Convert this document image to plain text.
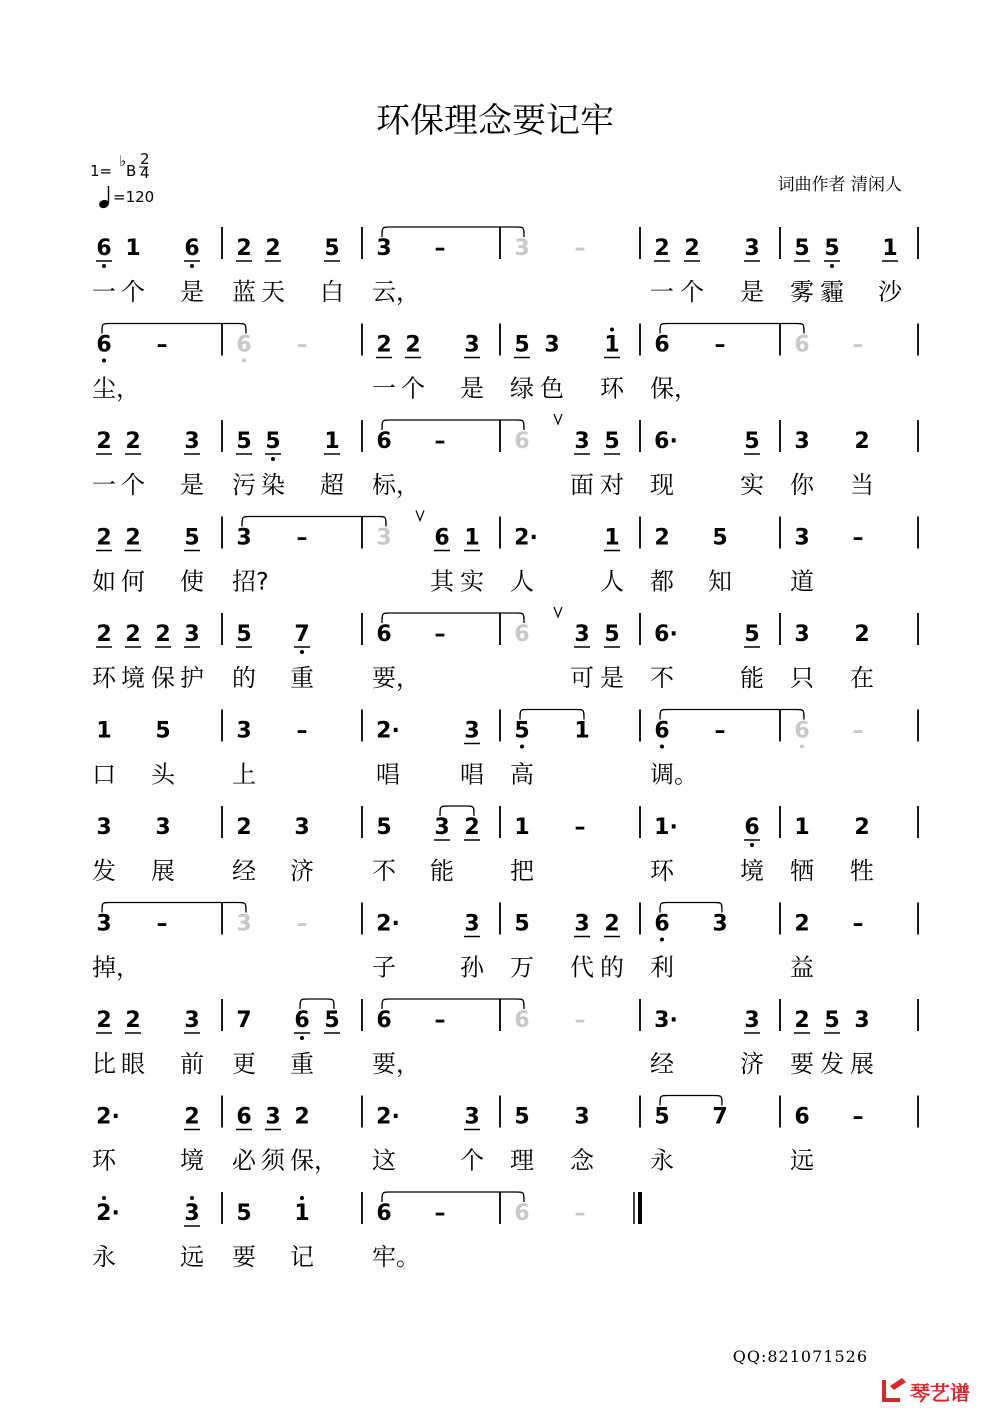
环保理念要记牢
1=
♭
B
2
4
=120
词曲作者 清闲人
6 1 6 2 2 5 3 –	3 –	2 2 3 5 5 1
一 个 是 蓝 天 白 云，	一 个 是 雾 霾 沙
6 –	6 –	2 2 3 5 3 1 6 –	6 –
尘，	一 个 是 绿 色 环 保，
2 2 3 5 5 1 6 –	6 3 5 6·	5 3 2
一 个 是 污 染 超 标，	面 对 现	实 你 当
2 2 5 3 –	3 6 1 2·	1 2 5	3 –
如 何 使 招?	其 实 人	人 都 知 道
2 2 2 3 5 7	6 –	6 3 5 6·	5 3 2
环 境 保 护 的 重 要，	可 是 不	能 只 在
1 5	3 –	2·	3 5 1	6 –	6 –
口 头 上	唱	唱 高	调。
3 3	2 3	5 3 2 1 –	1·	6 1 2
发 展 经 济 不 能 把	环	境 牺 牲
3 –	3 –	2·	3 5 3 2 6 3	2 –
掉，	子	孙 万 代 的 利	益
2 2 3 7 6 5 6 –	6 –	3·	3 2 5 3
比 眼 前 更 重 要，	经	济 要 发 展
2·	2 6 3 2	2·	3 5 3	5 7	6 –
环	境 必 须 保， 这	个 理 念 永	远
2·	3 5 1	6 –	6 –
永	远 要 记 牢。
QQ:821071526
琴艺谱
